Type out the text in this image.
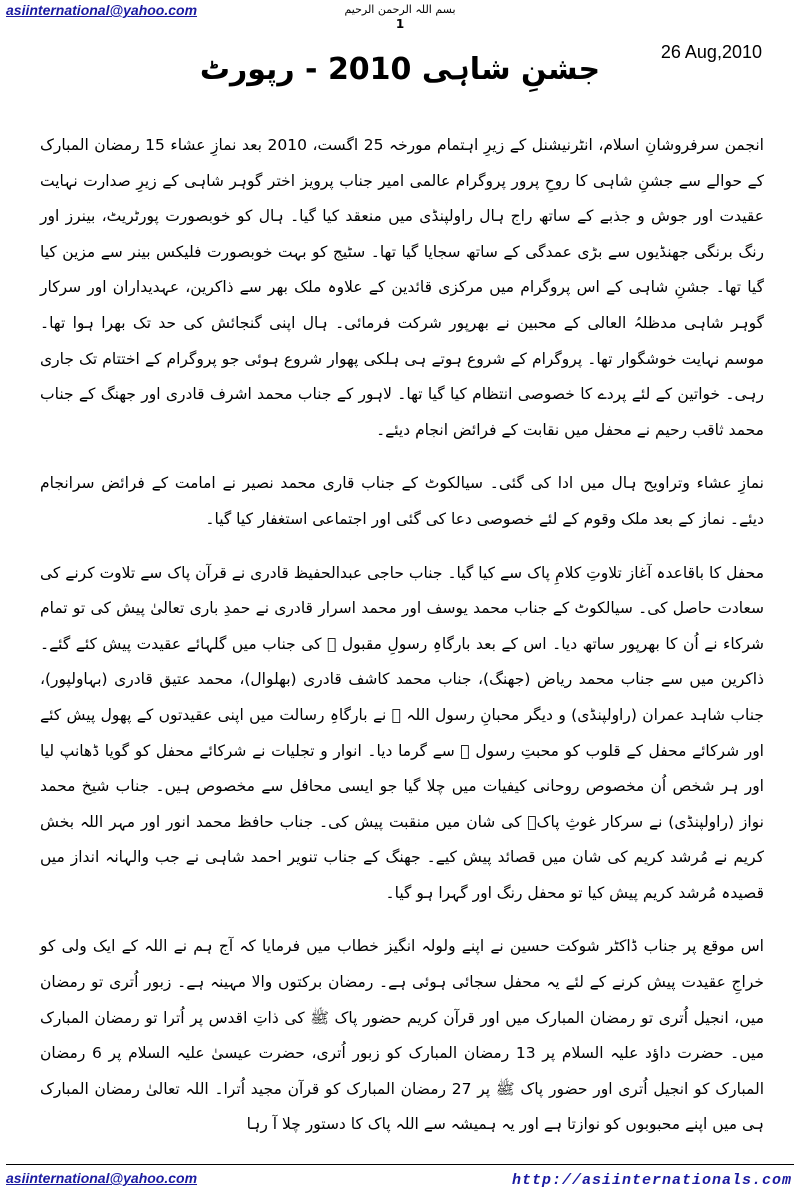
asiinternational@yahoo.com	بسم اللہ الرحمن الرحیم
1
26 Aug,2010
جشنِ شاہی 2010 - رپورٹ

انجمن سرفروشانِ اسلام، انٹرنیشنل کے زیرِ اہتمام مورخہ 25 اگست، 2010 بعد نمازِ عشاء 15 رمضان المبارک کے حوالے سے جشنِ شاہی کا روحِ پرور پروگرام عالمی امیر جناب پرویز اختر گوہر شاہی کے زیرِ صدارت نہایت عقیدت اور جوش و جذبے کے ساتھ راج ہال راولپنڈی میں منعقد کیا گیا۔ ہال کو خوبصورت پورٹریٹ، بینرز اور رنگ برنگی جھنڈیوں سے بڑی عمدگی کے ساتھ سجایا گیا تھا۔ سٹیج کو بہت خوبصورت فلیکس بینر سے مزین کیا گیا تھا۔ جشنِ شاہی کے اس پروگرام میں مرکزی قائدین کے علاوہ ملک بھر سے ذاکرین، عہدیداران اور سرکار گوہر شاہی مدظلہُ العالی کے محبین نے بھرپور شرکت فرمائی۔ ہال اپنی گنجائش کی حد تک بھرا ہوا تھا۔ موسم نہایت خوشگوار تھا۔ پروگرام کے شروع ہوتے ہی ہلکی پھوار شروع ہوئی جو پروگرام کے اختتام تک جاری رہی۔ خواتین کے لئے پردے کا خصوصی انتظام کیا گیا تھا۔ لاہور کے جناب محمد اشرف قادری اور جھنگ کے جناب محمد ثاقب رحیم نے محفل میں نقابت کے فرائض انجام دیئے۔

نمازِ عشاء وتراویح ہال میں ادا کی گئی۔ سیالکوٹ کے جناب قاری محمد نصیر نے امامت کے فرائض سرانجام دیئے۔ نماز کے بعد ملک وقوم کے لئے خصوصی دعا کی گئی اور اجتماعی استغفار کیا گیا۔

محفل کا باقاعدہ آغاز تلاوتِ کلامِ پاک سے کیا گیا۔ جناب حاجی عبدالحفیظ قادری نے قرآن پاک سے تلاوت کرنے کی سعادت حاصل کی۔ سیالکوٹ کے جناب محمد یوسف اور محمد اسرار قادری نے حمدِ باری تعالیٰ پیش کی تو تمام شرکاء نے اُن کا بھرپور ساتھ دیا۔ اس کے بعد بارگاہِ رسولِ مقبول ﷺ کی جناب میں گلہائے عقیدت پیش کئے گئے۔ ذاکرین میں سے جناب محمد ریاض (جھنگ)، جناب محمد کاشف قادری (بھلوال)، محمد عتیق قادری (بہاولپور)، جناب شاہد عمران (راولپنڈی) و دیگر محبانِ رسول اللہ ﷺ نے بارگاہِ رسالت میں اپنی عقیدتوں کے پھول پیش کئے اور شرکائے محفل کے قلوب کو محبتِ رسول ﷺ سے گرما دیا۔ انوار و تجلیات نے شرکائے محفل کو گویا ڈھانپ لیا اور ہر شخص اُن مخصوص روحانی کیفیات میں چلا گیا جو ایسی محافل سے مخصوص ہیں۔ جناب شیخ محمد نواز (راولپنڈی) نے سرکار غوثِ پاکؒ کی شان میں منقبت پیش کی۔ جناب حافظ محمد انور اور مہر اللہ بخش کریم نے مُرشد کریم کی شان میں قصائد پیش کیے۔ جھنگ کے جناب تنویر احمد شاہی نے جب والہانہ انداز میں قصیدہ مُرشد کریم پیش کیا تو محفل رنگ اور گہرا ہو گیا۔

اس موقع پر جناب ڈاکٹر شوکت حسین نے اپنے ولولہ انگیز خطاب میں فرمایا کہ آج ہم نے اللہ کے ایک ولی کو خراجِ عقیدت پیش کرنے کے لئے یہ محفل سجائی ہوئی ہے۔ رمضان برکتوں والا مہینہ ہے۔ زبور اُتری تو رمضان میں، انجیل اُتری تو رمضان المبارک میں اور قرآن کریم حضور پاک ﷺ کی ذاتِ اقدس پر اُترا تو رمضان المبارک میں۔ حضرت داؤد علیہ السلام پر 13 رمضان المبارک کو زبور اُتری، حضرت عیسیٰ علیہ السلام پر 6 رمضان المبارک کو انجیل اُتری اور حضور پاک ﷺ پر 27 رمضان المبارک کو قرآن مجید اُترا۔ اللہ تعالیٰ رمضان المبارک ہی میں اپنے محبوبوں کو نوازتا ہے اور یہ ہمیشہ سے اللہ پاک کا دستور چلا آ رہا

asiinternational@yahoo.com	http://asiinternationals.com
